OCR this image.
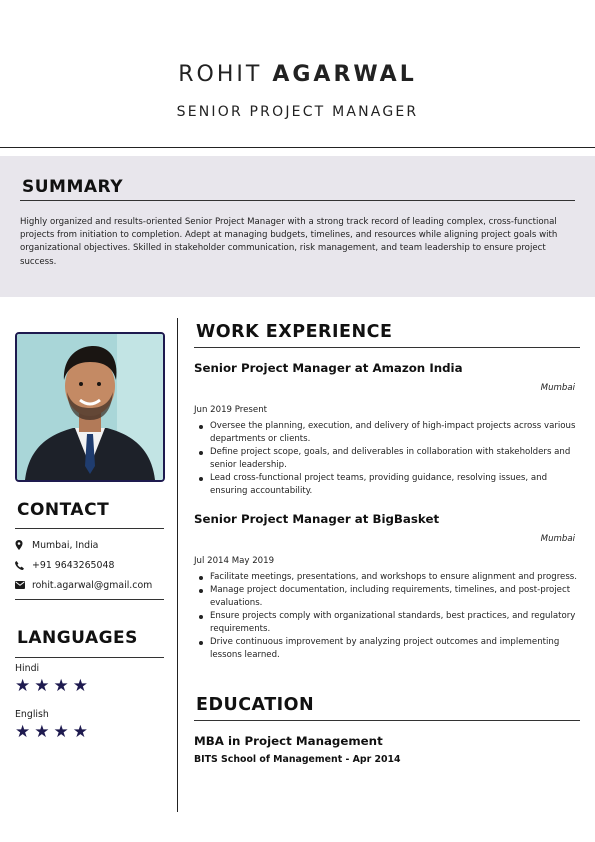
ROHIT AGARWAL
SENIOR PROJECT MANAGER
SUMMARY
Highly organized and results-oriented Senior Project Manager with a strong track record of leading complex, cross-functional projects from initiation to completion. Adept at managing budgets, timelines, and resources while aligning project goals with organizational objectives. Skilled in stakeholder communication, risk management, and team leadership to ensure project success.
CONTACT
Mumbai, India
+91 9643265048
rohit.agarwal@gmail.com
LANGUAGES
Hindi
★★★★
English
★★★★
WORK EXPERIENCE
Senior Project Manager at Amazon India
Mumbai
Jun 2019 Present
Oversee the planning, execution, and delivery of high-impact projects across various departments or clients.
Define project scope, goals, and deliverables in collaboration with stakeholders and senior leadership.
Lead cross-functional project teams, providing guidance, resolving issues, and ensuring accountability.
Senior Project Manager at BigBasket
Mumbai
Jul 2014 May 2019
Facilitate meetings, presentations, and workshops to ensure alignment and progress.
Manage project documentation, including requirements, timelines, and post-project evaluations.
Ensure projects comply with organizational standards, best practices, and regulatory requirements.
Drive continuous improvement by analyzing project outcomes and implementing lessons learned.
EDUCATION
MBA in Project Management
BITS School of Management - Apr 2014
